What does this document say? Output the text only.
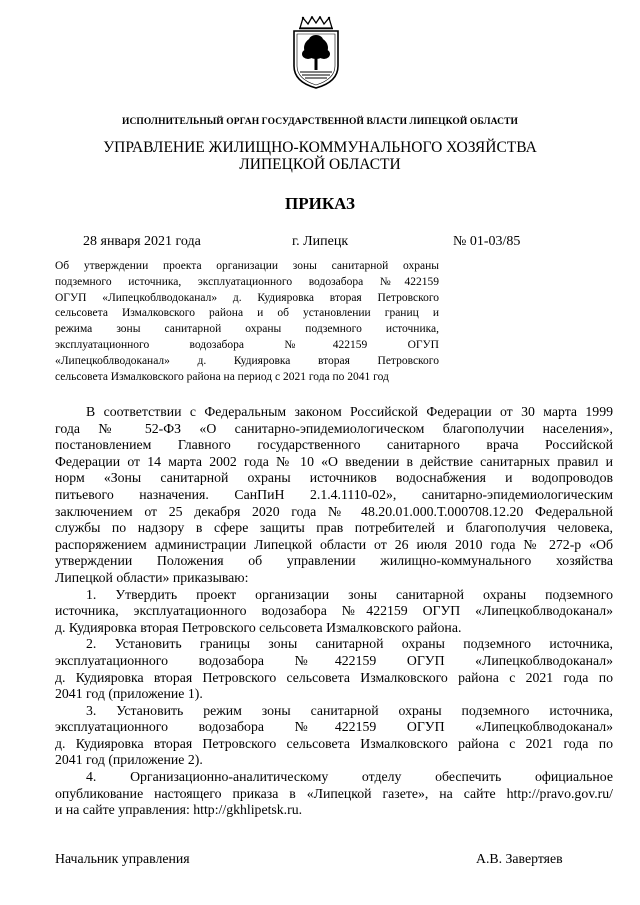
ИСПОЛНИТЕЛЬНЫЙ ОРГАН ГОСУДАРСТВЕННОЙ ВЛАСТИ ЛИПЕЦКОЙ ОБЛАСТИ
УПРАВЛЕНИЕ ЖИЛИЩНО-КОММУНАЛЬНОГО ХОЗЯЙСТВА
ЛИПЕЦКОЙ ОБЛАСТИ
ПРИКАЗ
28 января 2021 года	г. Липецк	№ 01-03/85
Об утверждении проекта организации зоны санитарной охраны
подземного источника, эксплуатационного водозабора №422159
ОГУП «Липецкоблводоканал» д. Кудияровка вторая Петровского
сельсовета Измалковского района и об установлении границ и
режима зоны санитарной охраны подземного источника,
эксплуатационного водозабора №422159 ОГУП
«Липецкоблводоканал» д. Кудияровка вторая Петровского
сельсовета Измалковского района на период с 2021 года по 2041 год
В соответствии с Федеральным законом Российской Федерации от 30 марта 1999
года № 52-ФЗ «О санитарно-эпидемиологическом благополучии населения»,
постановлением Главного государственного санитарного врача Российской
Федерации от 14 марта 2002 года № 10 «О введении в действие санитарных правил и
норм «Зоны санитарной охраны источников водоснабжения и водопроводов
питьевого назначения. СанПиН 2.1.4.1110-02», санитарно-эпидемиологическим
заключением от 25 декабря 2020 года № 48.20.01.000.Т.000708.12.20 Федеральной
службы по надзору в сфере защиты прав потребителей и благополучия человека,
распоряжением администрации Липецкой области от 26 июля 2010 года № 272-р «Об
утверждении Положения об управлении жилищно-коммунального хозяйства
Липецкой области» приказываю:
1. Утвердить проект организации зоны санитарной охраны подземного
источника, эксплуатационного водозабора №422159 ОГУП «Липецкоблводоканал»
д. Кудияровка вторая Петровского сельсовета Измалковского района.
2. Установить границы зоны санитарной охраны подземного источника,
эксплуатационного водозабора №422159 ОГУП «Липецкоблводоканал»
д. Кудияровка вторая Петровского сельсовета Измалковского района с 2021 года по
2041 год (приложение 1).
3. Установить режим зоны санитарной охраны подземного источника,
эксплуатационного водозабора №422159 ОГУП «Липецкоблводоканал»
д. Кудияровка вторая Петровского сельсовета Измалковского района с 2021 года по
2041 год (приложение 2).
4. Организационно-аналитическому отделу обеспечить официальное
опубликование настоящего приказа в «Липецкой газете», на сайте http://pravo.gov.ru/
и на сайте управления: http://gkhlipetsk.ru.
Начальник управления	А.В. Завертяев
